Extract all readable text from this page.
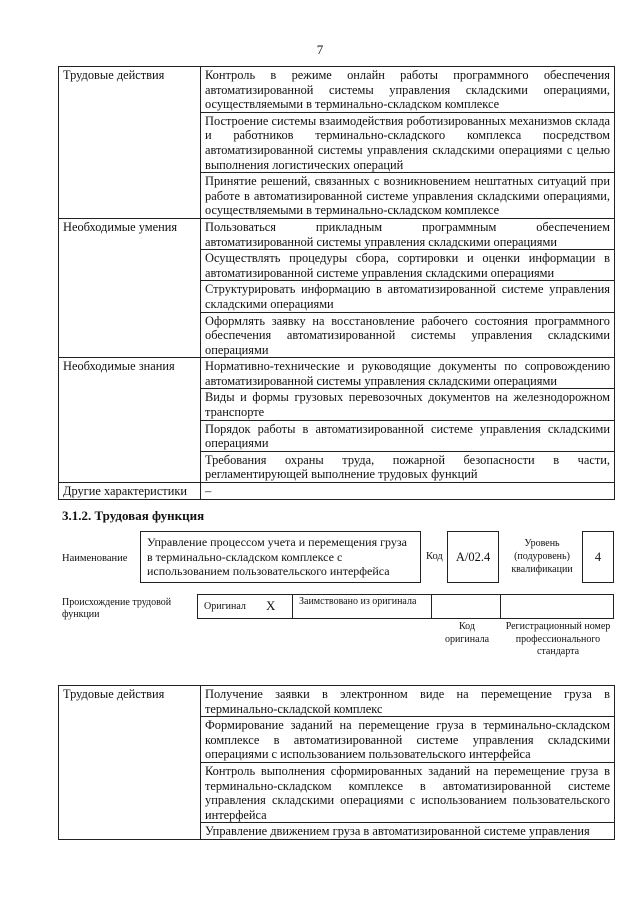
7
Трудовые действия	Контроль в режиме онлайн работы программного обеспечения автоматизированной системы управления складскими операциями, осуществляемыми в терминально-складском комплексе
	Построение системы взаимодействия роботизированных механизмов склада и работников терминально-складского комплекса посредством автоматизированной системы управления складскими операциями с целью выполнения логистических операций
	Принятие решений, связанных с возникновением нештатных ситуаций при работе в автоматизированной системе управления складскими операциями, осуществляемыми в терминально-складском комплексе
Необходимые умения	Пользоваться прикладным программным обеспечением автоматизированной системы управления складскими операциями
	Осуществлять процедуры сбора, сортировки и оценки информации в автоматизированной системе управления складскими операциями
	Структурировать информацию в автоматизированной системе управления складскими операциями
	Оформлять заявку на восстановление рабочего состояния программного обеспечения автоматизированной системы управления складскими операциями
Необходимые знания	Нормативно-технические и руководящие документы по сопровождению автоматизированной системы управления складскими операциями
	Виды и формы грузовых перевозочных документов на железнодорожном транспорте
	Порядок работы в автоматизированной системе управления складскими операциями
	Требования охраны труда, пожарной безопасности в части, регламентирующей выполнение трудовых функций
Другие характеристики	–
3.1.2. Трудовая функция
Наименование
Управление процессом учета и перемещения груза в терминально-складском комплексе с использованием пользовательского интерфейса
Код А/02.4
Уровень (подуровень) квалификации
4
Происхождение трудовой функции
Оригинал Х Заимствовано из оригинала
Код оригинала
Регистрационный номер профессионального стандарта
Трудовые действия	Получение заявки в электронном виде на перемещение груза в терминально-складской комплекс
Формирование заданий на перемещение груза в терминально-складском комплексе в автоматизированной системе управления складскими операциями с использованием пользовательского интерфейса
Контроль выполнения сформированных заданий на перемещение груза в терминально-складском комплексе в автоматизированной системе управления складскими операциями с использованием пользовательского интерфейса
Управление движением груза в автоматизированной системе управления
